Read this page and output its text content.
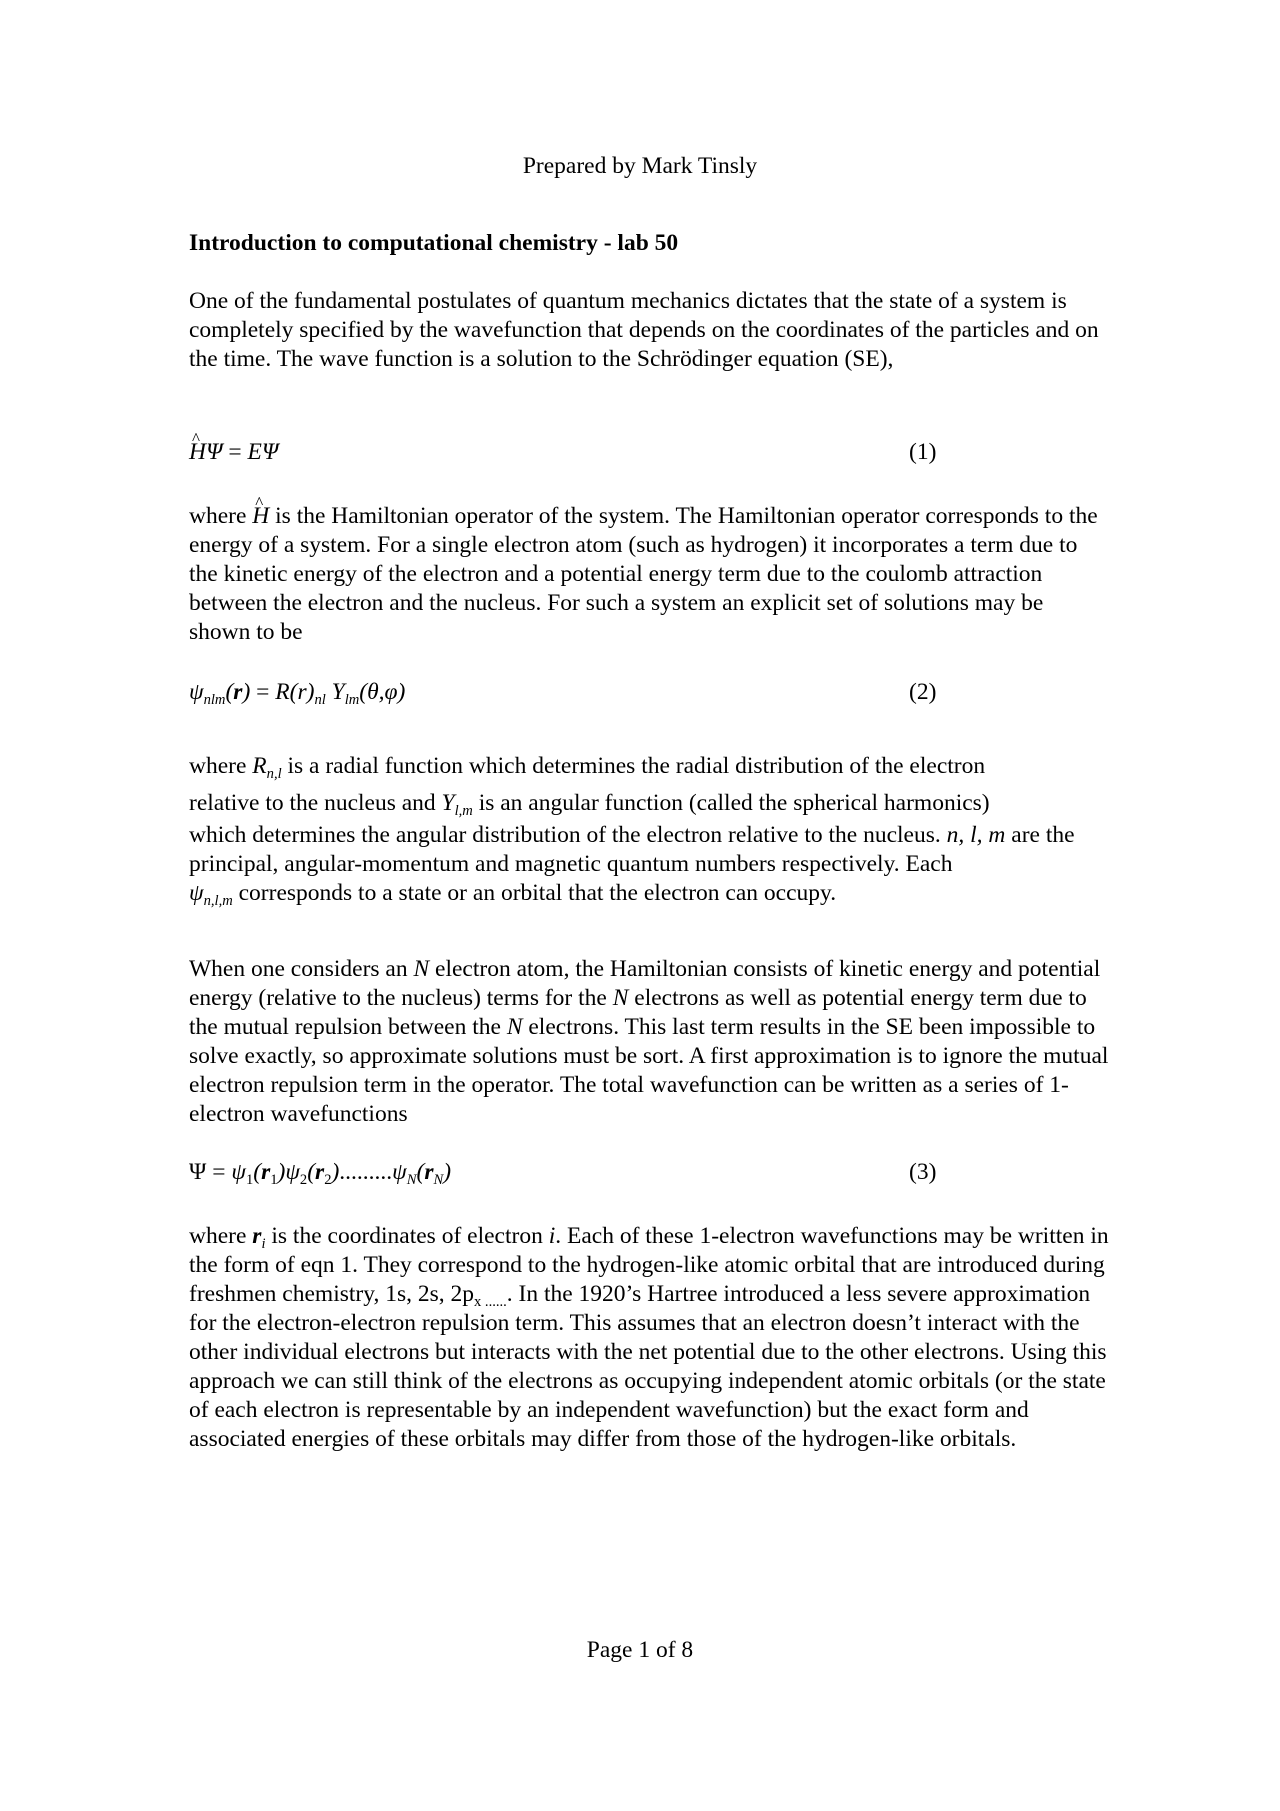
Prepared by Mark Tinsly
Introduction to computational chemistry - lab 50
One of the fundamental postulates of quantum mechanics dictates that the state of a system is completely specified by the wavefunction that depends on the coordinates of the particles and on the time. The wave function is a solution to the Schrödinger equation (SE),
^ HΨ = EΨ	(1)
where ^ H is the Hamiltonian operator of the system. The Hamiltonian operator corresponds to the energy of a system. For a single electron atom (such as hydrogen) it incorporates a term due to the kinetic energy of the electron and a potential energy term due to the coulomb attraction between the electron and the nucleus. For such a system an explicit set of solutions may be shown to be
$\psi_{nlm}(r) = R(r)_{nl}$ $Y_{lm}(\theta,\varphi)$	(2)
where $R_{n,l}$ is a radial function which determines the radial distribution of the electron
relative to the nucleus and $Y_{l,m}$ is an angular function (called the spherical harmonics)

which determines the angular distribution of the electron relative to the nucleus. n, l, m are the principal, angular-momentum and magnetic quantum numbers respectively. Each
$\psi_{n,l,m}$ corresponds to a state or an orbital that the electron can occupy.
When one considers an N electron atom, the Hamiltonian consists of kinetic energy and potential energy (relative to the nucleus) terms for the N electrons as well as potential energy term due to the mutual repulsion between the N electrons. This last term results in the SE been impossible to solve exactly, so approximate solutions must be sort. A first approximation is to ignore the mutual electron repulsion term in the operator. The total wavefunction can be written as a series of 1-electron wavefunctions
$\Psi = \psi_1(r_1)\psi_2(r_2).........\psi_N(r_N)$	(3)
where $r_i$ is the coordinates of electron i. Each of these 1-electron wavefunctions may be written in the form of eqn 1. They correspond to the hydrogen-like atomic orbital that are introduced during freshmen chemistry, 1s, 2s, $2p_{x ......}$. In the 1920’s Hartree introduced a less severe approximation for the electron-electron repulsion term. This assumes that an electron doesn’t interact with the other individual electrons but interacts with the net potential due to the other electrons. Using this approach we can still think of the electrons as occupying independent atomic orbitals (or the state of each electron is representable by an independent wavefunction) but the exact form and associated energies of these orbitals may differ from those of the hydrogen-like orbitals.
Page 1 of 8
